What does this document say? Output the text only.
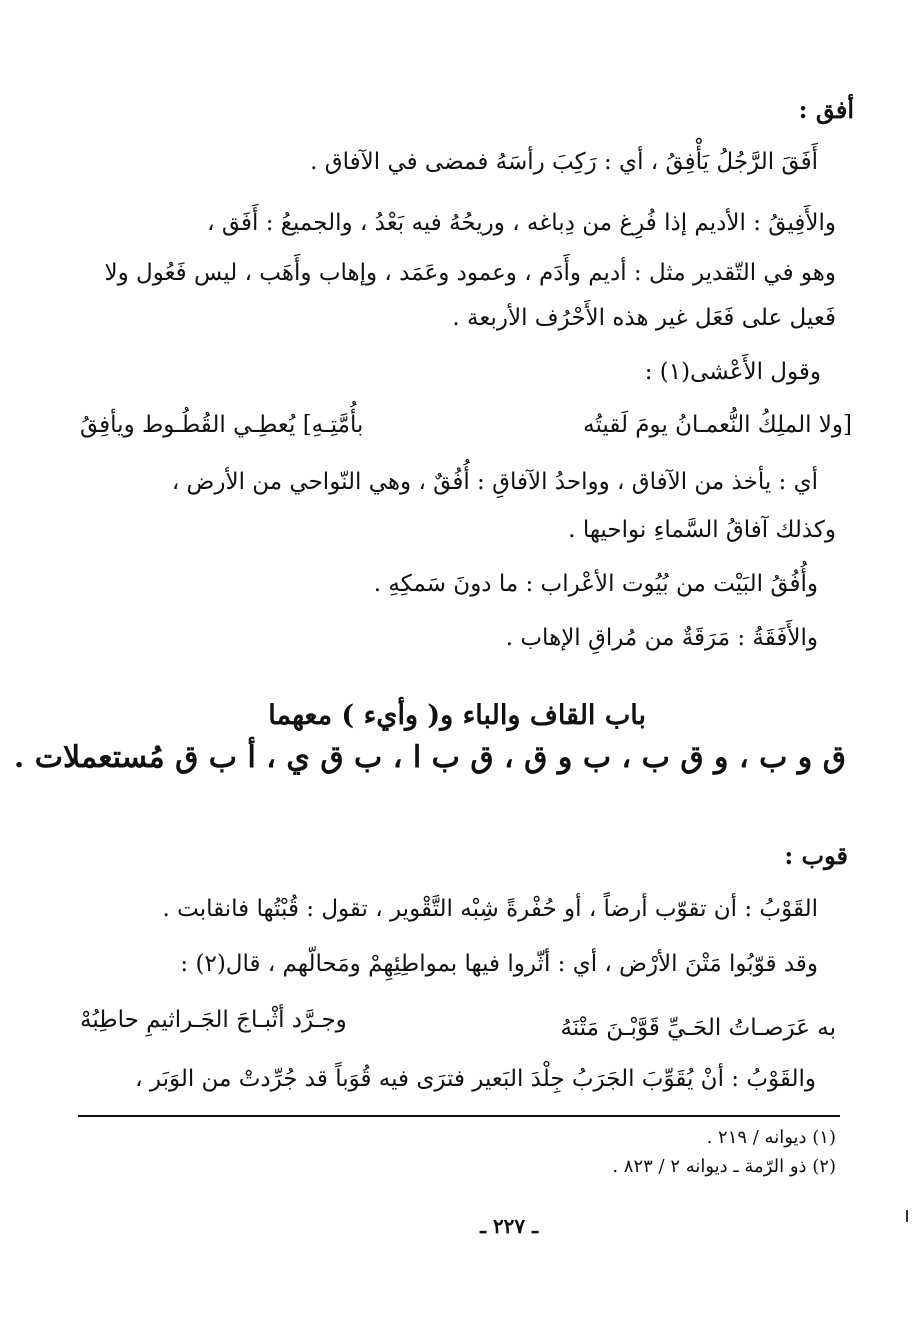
أفق :
أَفَقَ الرَّجُلُ يَأْفِقُ ، أي : رَكِبَ رأسَهُ فمضى في الآفاق .
والأَفِيقُ : الأديم إذا فُرِغ من دِباغه ، وريحُهُ فيه بَعْدُ ، والجميعُ : أَفَق ،
وهو في التّقدير مثل : أديم وأَدَم ، وعمود وعَمَد ، وإهاب وأَهَب ، ليس فَعُول ولا
فَعيل على فَعَل غير هذه الأَحْرُف الأربعة .
وقول الأَعْشى(١) :
[ولا الملِكُ النُّعمـانُ يومَ لَقيتُه
بأُمَّتِـهِ] يُعطِـي القُطُـوط ويأفِقُ
أي : يأخذ من الآفاق ، وواحدُ الآفاقِ : أُفُقٌ ، وهي النّواحي من الأرض ،
وكذلك آفاقُ السَّماءِ نواحيها .
وأُفُقُ البَيْت من بُيُوت الأعْراب : ما دونَ سَمكِهِ .
والأَفَقَةُ : مَرَقَةٌ من مُراقِ الإهاب .
باب القاف والباء و( وأيء ) معهما
ق و ب ، و ق ب ، ب و ق ، ق ب ا ، ب ق ي ، أ ب ق مُستعملات .
قوب :
القَوْبُ : أن تقوّب أرضاً ، أو حُفْرةً شِبْه التَّقْوير ، تقول : قُبْتُها فانقابت .
وقد قوّبُوا مَتْنَ الأرْض ، أي : أثّروا فيها بمواطِئِهِمْ ومَحالّهم ، قال(٢) :
به عَرَصـاتُ الحَـيِّ قَوَّبْـنَ مَتْنَهُ
وجـرَّد أثْبـاجَ الجَـراثيمِ حاطِبُهْ
والقَوْبُ : أنْ يُقَوِّبَ الجَرَبُ جِلْدَ البَعير فترَى فيه قُوَباً قد جُرِّدتْ من الوَبَر ،
(١) ديوانه / ٢١٩ .
(٢) ذو الرّمة ـ ديوانه ٢ / ٨٢٣ .
ـ ٢٢٧ ـ
